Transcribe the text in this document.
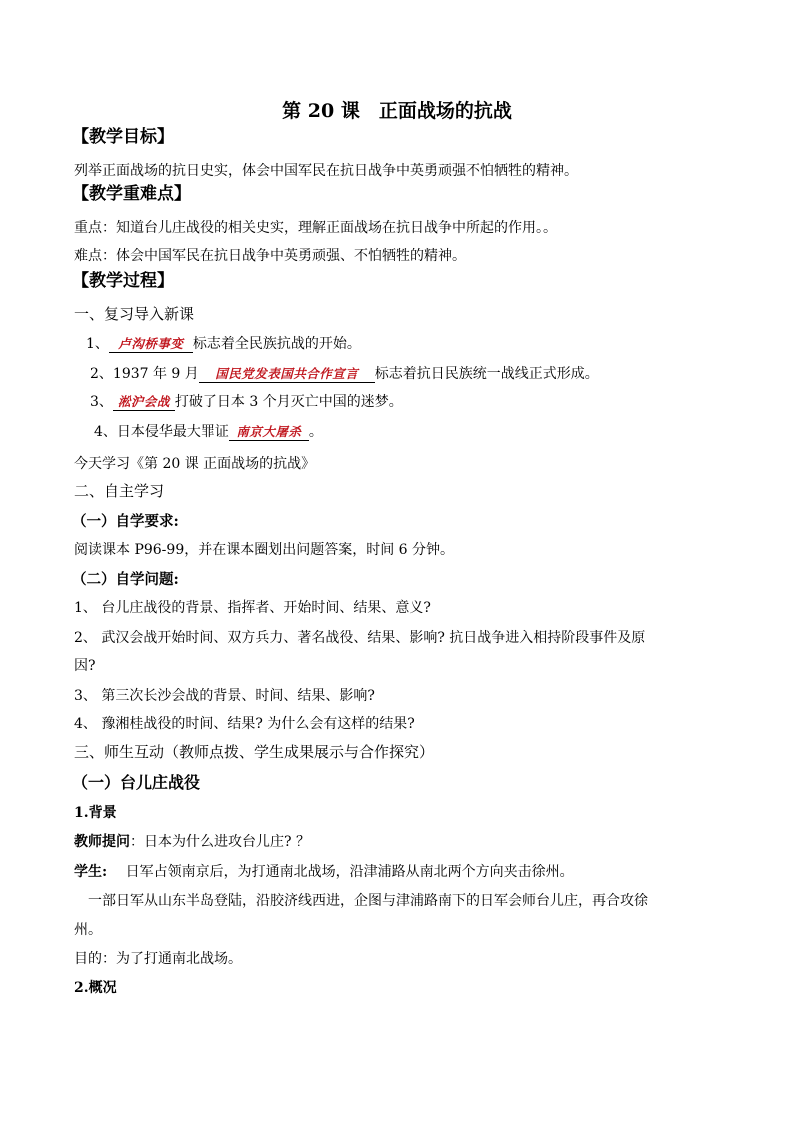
第 20 课　正面战场的抗战
【教学目标】
列举正面战场的抗日史实，体会中国军民在抗日战争中英勇顽强不怕牺牲的精神。
【教学重难点】
重点：知道台儿庄战役的相关史实，理解正面战场在抗日战争中所起的作用。。
难点：体会中国军民在抗日战争中英勇顽强、不怕牺牲的精神。
【教学过程】
一、复习导入新课
1、 卢沟桥事变 标志着全民族抗战的开始。
2、1937 年 9 月 国民党发表国共合作宣言 标志着抗日民族统一战线正式形成。
3、 淞沪会战 打破了日本 3 个月灭亡中国的迷梦。
4、日本侵华最大罪证 南京大屠杀 。
今天学习《第 20 课 正面战场的抗战》
二、自主学习
（一）自学要求:
阅读课本 P96-99，并在课本圈划出问题答案，时间 6 分钟。
（二）自学问题:
1、 台儿庄战役的背景、指挥者、开始时间、结果、意义?
2、 武汉会战开始时间、双方兵力、著名战役、结果、影响? 抗日战争进入相持阶段事件及原
因?
3、 第三次长沙会战的背景、时间、结果、影响?
4、 豫湘桂战役的时间、结果? 为什么会有这样的结果?
三、师生互动（教师点拨、学生成果展示与合作探究）
（一）台儿庄战役
1.背景
教师提问：日本为什么进攻台儿庄? ？
学生:　 日军占领南京后，为打通南北战场，沿津浦路从南北两个方向夹击徐州。
　一部日军从山东半岛登陆，沿胶济线西进，企图与津浦路南下的日军会师台儿庄，再合攻徐
州。
目的：为了打通南北战场。
2.概况
